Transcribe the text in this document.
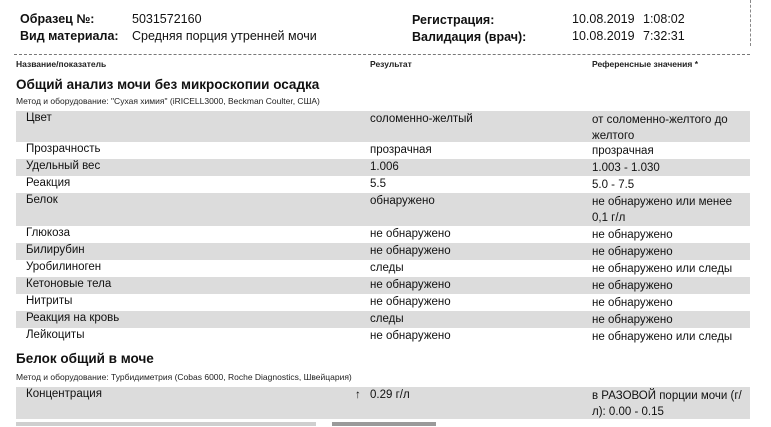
Образец №:	5031572160
Вид материала: Средняя порция утренней мочи
Регистрация:	10.08.2019 1:08:02
Валидация (врач):	10.08.2019 7:32:31
Название/показатель	Результат	Референсные значения *
Общий анализ мочи без микроскопии осадка
Метод и оборудование: "Сухая химия" (iRICELL3000, Beckman Coulter, США)
Цвет	соломенно-желтый	от соломенно-желтого до желтого
Прозрачность	прозрачная	прозрачная
Удельный вес	1.006	1.003 - 1.030
Реакция	5.5	5.0 - 7.5
Белок	обнаружено	не обнаружено или менее 0,1 г/л
Глюкоза	не обнаружено	не обнаружено
Билирубин	не обнаружено	не обнаружено
Уробилиноген	следы	не обнаружено или следы
Кетоновые тела	не обнаружено	не обнаружено
Нитриты	не обнаружено	не обнаружено
Реакция на кровь	следы	не обнаружено
Лейкоциты	не обнаружено	не обнаружено или следы
Белок общий в моче
Метод и оборудование: Турбидиметрия (Cobas 6000, Roche Diagnostics, Швейцария)
Концентрация	↑ 0.29 г/л	в РАЗОВОЙ порции мочи (г/л): 0.00 - 0.15
